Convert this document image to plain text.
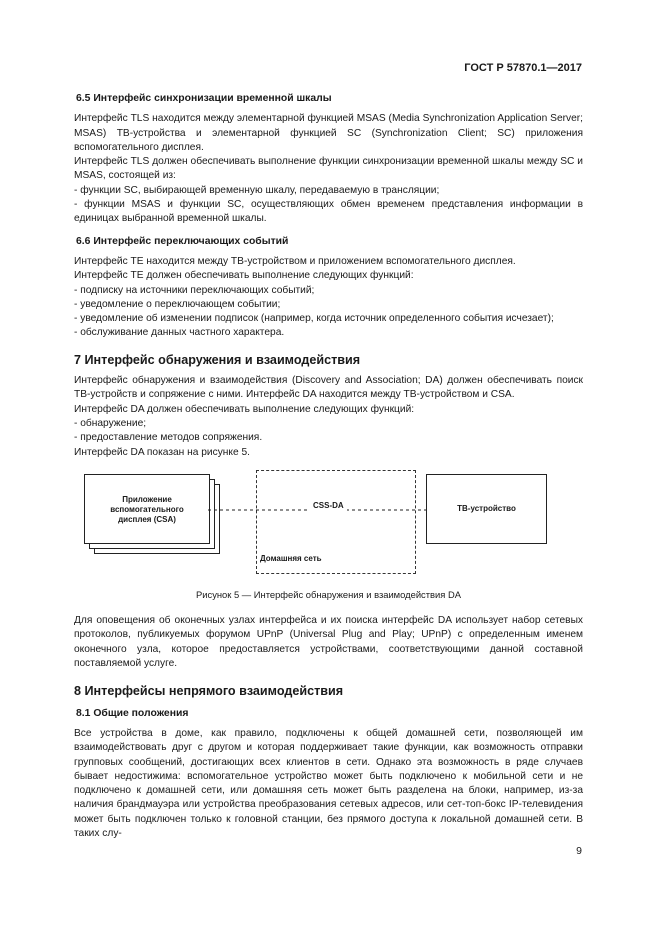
ГОСТ Р 57870.1—2017
6.5 Интерфейс синхронизации временной шкалы

Интерфейс TLS находится между элементарной функцией MSAS (Media Synchronization Application Server; MSAS) ТВ-устройства и элементарной функцией SC (Synchronization Client; SC) приложения вспомогательного дисплея.

Интерфейс TLS должен обеспечивать выполнение функции синхронизации временной шкалы между SC и MSAS, состоящей из:

- функции SC, выбирающей временную шкалу, передаваемую в трансляции;

- функции MSAS и функции SC, осуществляющих обмен временем представления информации в единицах выбранной временной шкалы.

6.6 Интерфейс переключающих событий

Интерфейс ТЕ находится между ТВ-устройством и приложением вспомогательного дисплея.

Интерфейс ТЕ должен обеспечивать выполнение следующих функций:

- подписку на источники переключающих событий;

- уведомление о переключающем событии;

- уведомление об изменении подписок (например, когда источник определенного события исчезает);

- обслуживание данных частного характера.

7 Интерфейс обнаружения и взаимодействия

Интерфейс обнаружения и взаимодействия (Discovery and Association; DA) должен обеспечивать поиск ТВ-устройств и сопряжение с ними. Интерфейс DA находится между ТВ-устройством и CSA.

Интерфейс DA должен обеспечивать выполнение следующих функций:

- обнаружение;

- предоставление методов сопряжения.

Интерфейс DA показан на рисунке 5.

Приложение вспомогательного дисплея (CSA)
Домашняя сеть
CSS-DA	ТВ-устройство
Рисунок 5 — Интерфейс обнаружения и взаимодействия DA

Для оповещения об оконечных узлах интерфейса и их поиска интерфейс DA использует набор сетевых протоколов, публикуемых форумом UPnP (Universal Plug and Play; UPnP) с определенным именем оконечного узла, которое предоставляется устройствами, соответствующими данной составной поставляемой услуге.

8 Интерфейсы непрямого взаимодействия
8.1 Общие положения

Все устройства в доме, как правило, подключены к общей домашней сети, позволяющей им взаимодействовать друг с другом и которая поддерживает такие функции, как возможность отправки групповых сообщений, достигающих всех клиентов в сети. Однако эта возможность в ряде случаев бывает недостижима: вспомогательное устройство может быть подключено к мобильной сети и не подключено к домашней сети, или домашняя сеть может быть разделена на блоки, например, из-за наличия брандмауэра или устройства преобразования сетевых адресов, или сет-топ-бокс IP-телевидения может быть подключен только к головной станции, без прямого доступа к локальной домашней сети. В таких слу-

9
